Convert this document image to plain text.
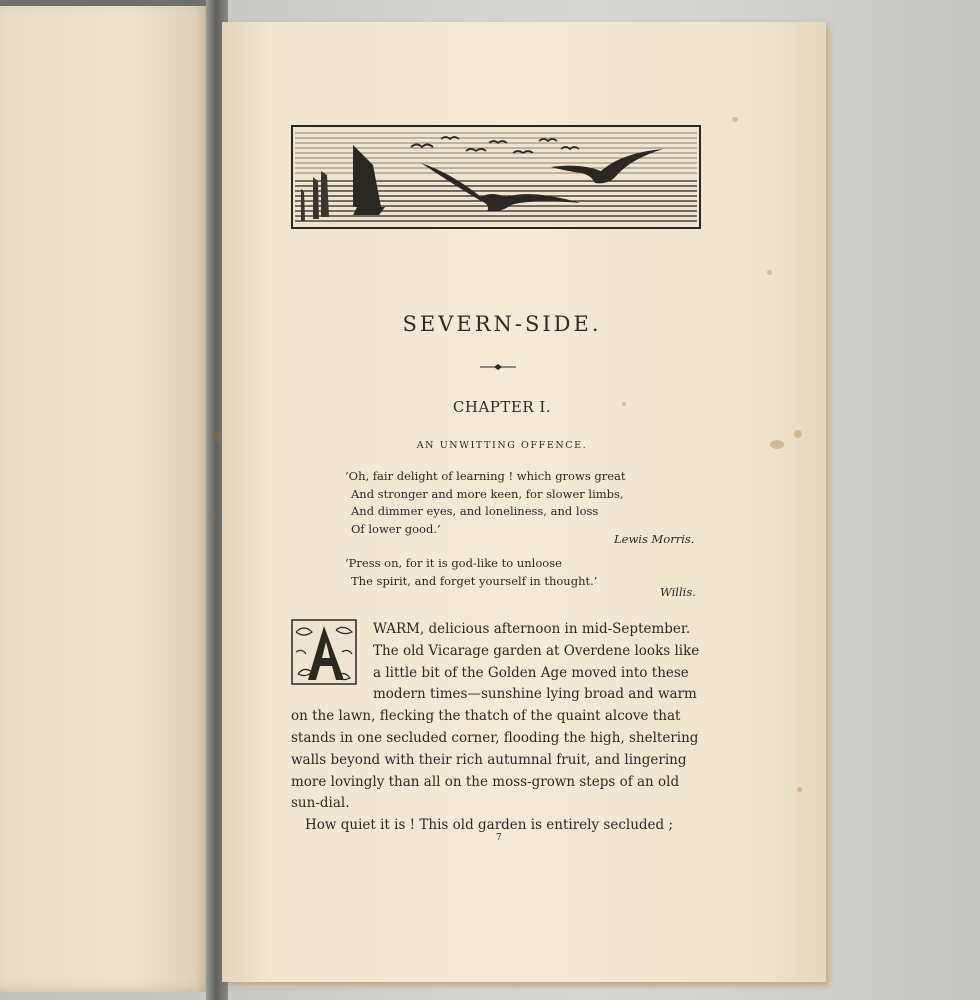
SEVERN-SIDE.
CHAPTER I.
AN UNWITTING OFFENCE.
‘Oh, fair delight of learning ! which grows great
And stronger and more keen, for slower limbs,
And dimmer eyes, and loneliness, and loss
Of lower good.’
Lewis Morris.
‘Press on, for it is god-like to unloose
The spirit, and forget yourself in thought.’
Willis.
WARM, delicious afternoon in mid-September.
The old Vicarage garden at Overdene looks like
a little bit of the Golden Age moved into these
modern times—sunshine lying broad and warm
on the lawn, flecking the thatch of the quaint alcove that
stands in one secluded corner, flooding the high, sheltering
walls beyond with their rich autumnal fruit, and lingering
more lovingly than all on the moss-grown steps of an old
sun-dial.
How quiet it is ! This old garden is entirely secluded ;
7
